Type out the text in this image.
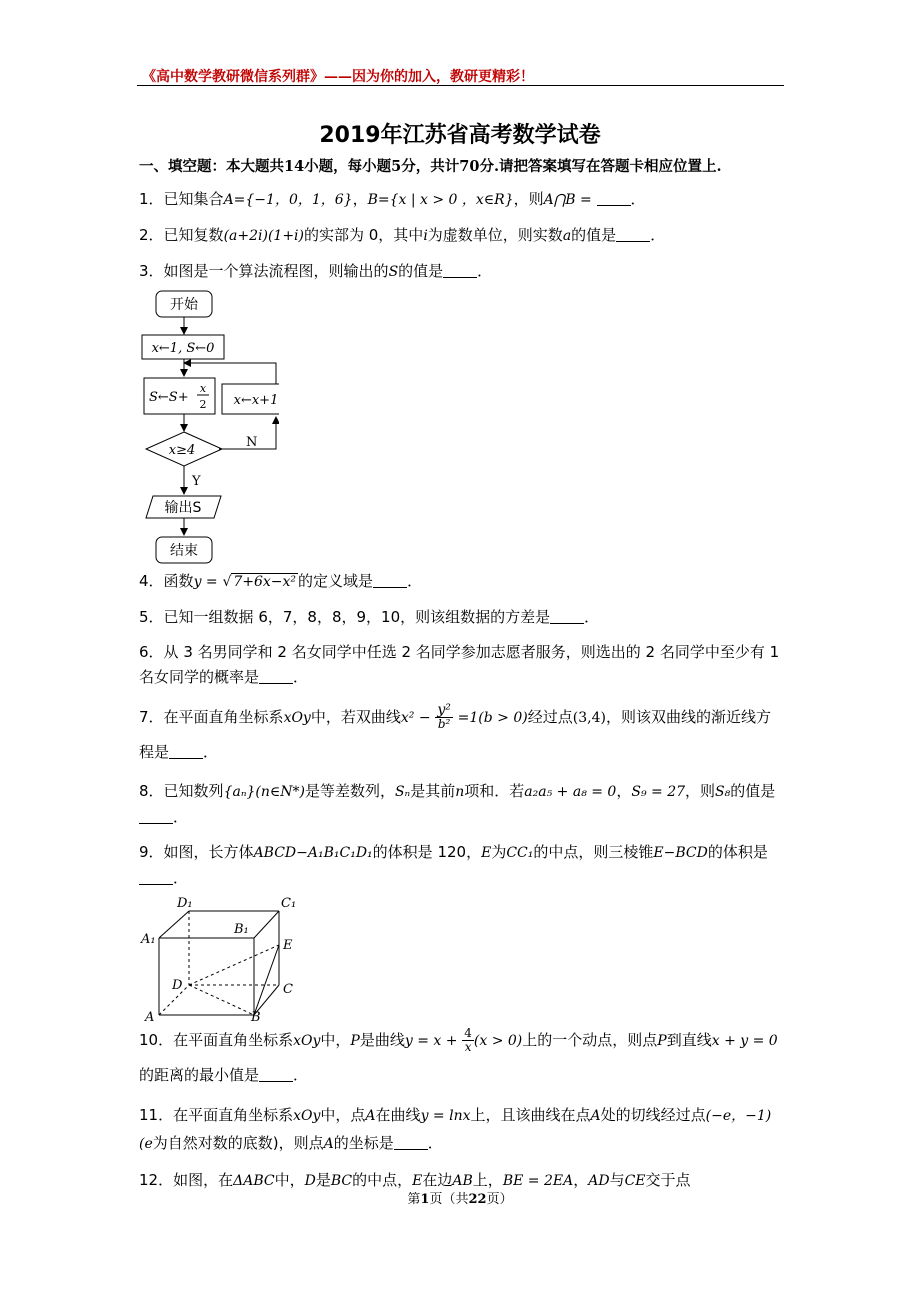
《高中数学教研微信系列群》——因为你的加入，教研更精彩！
2019年江苏省高考数学试卷
一、填空题：本大题共14小题，每小题5分，共计70分.请把答案填写在答题卡相应位置上.
1．已知集合A={−1，0，1，6}，B={x | x > 0 ，x∈R}，则A⋂B =	．
2．已知复数(a+2i)(1+i)的实部为 0，其中i为虚数单位，则实数a的值是 ．
3．如图是一个算法流程图，则输出的S的值是 ．
开始
x←1, S←0
S←S+
x
2 x←x+1
x≥4
N
Y
输出S
结束
4．函数y = √ 7+6x−x² 的定义域是 ．
5．已知一组数据 6，7，8，8，9，10，则该组数据的方差是 ．
6．从 3 名男同学和 2 名女同学中任选 2 名同学参加志愿者服务，则选出的 2 名同学中至少有 1 名女同学的概率是 ．
7．在平面直角坐标系xOy中，若双曲线$x^2 - \frac{\text{y²}}{\text{b²}} =1(b > 0)$经过点(3,4)，则该双曲线的渐近线方程是 ．
8．已知数列{aₙ}(n∈N*)是等差数列，Sₙ是其前n项和．若a₂a₅ + a₈ = 0，S₉ = 27，则S₈的值是．
9．如图，长方体ABCD−A₁B₁C₁D₁的体积是 120，E为CC₁的中点，则三棱锥E−BCD的体积是．
D₁	C₁
A₁
B₁
E
D	C
A	B
10．在平面直角坐标系xOy中，P是曲线$y = x + \frac{4}{x} (x > 0)$上的一个动点，则点P到直线x + y = 0的距离的最小值是 ．
11．在平面直角坐标系xOy中，点A在曲线y = lnx上，且该曲线在点A处的切线经过点(−e，−1)(e为自然对数的底数)，则点A的坐标是 ．
12．如图，在ΔABC中，D是BC的中点，E在边AB上，BE = 2EA，AD与CE交于点
第1页（共22页）
